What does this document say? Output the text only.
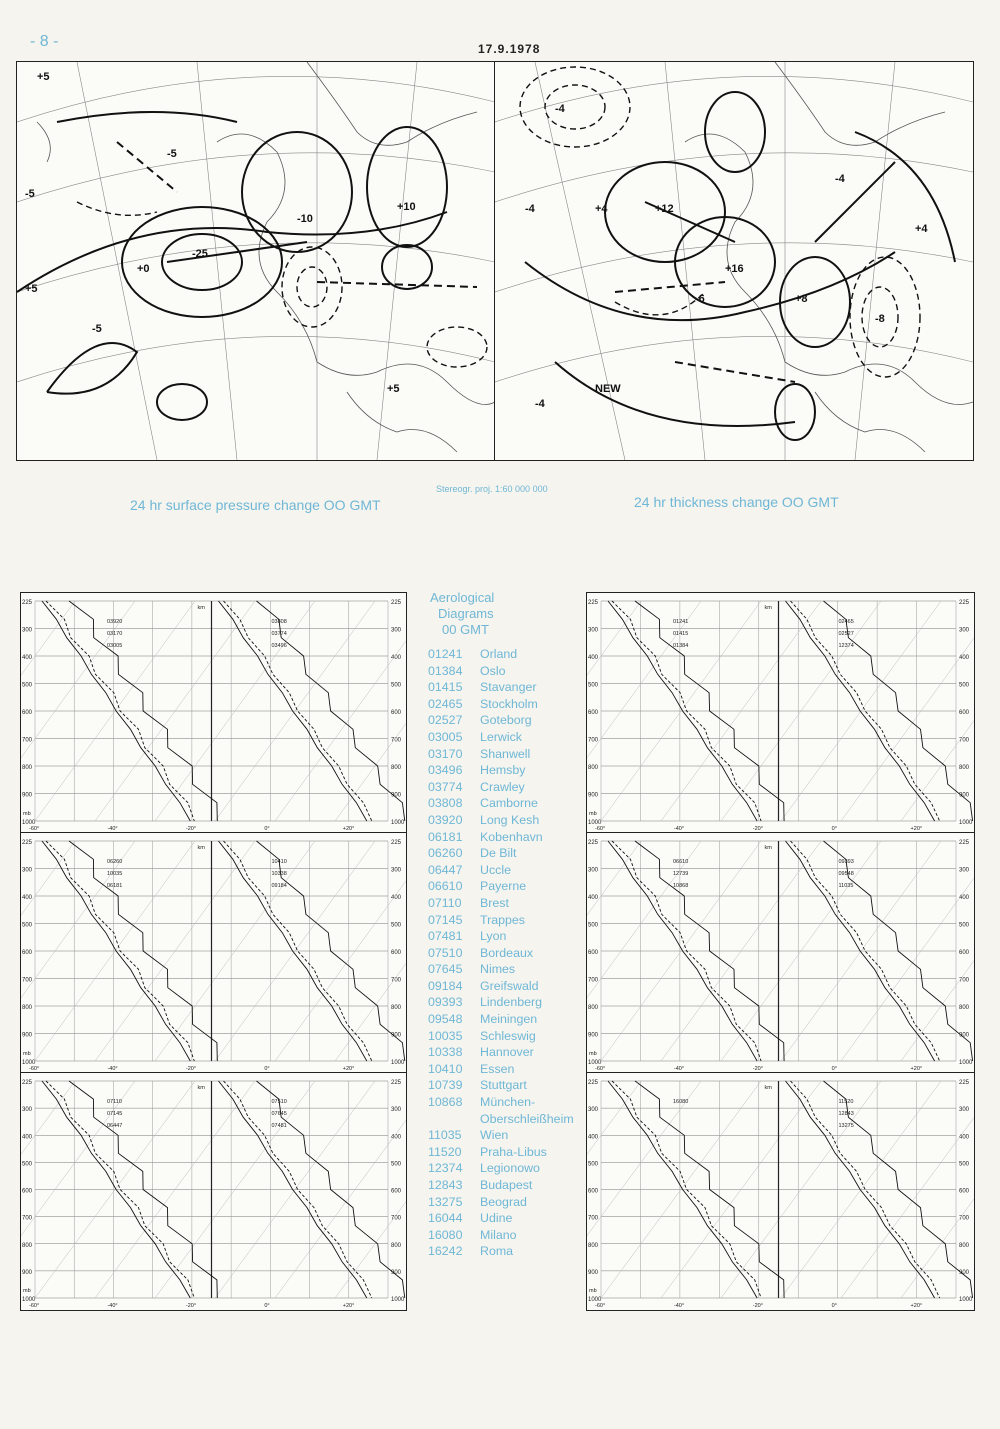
- 8 -	17.9.1978
+5
-5
-5
+5
+10
-10
-25
+5
+0
-5
-4
-4	+12
+16
+4
-6
-8
+8
NEW
-4
-4
+4
Stereogr. proj. 1:60 000 000
24 hr surface pressure change OO GMT	24 hr thickness change OO GMT
225	225
300	300
400	400
500	500
600	600
700	700
800	800
900	900
1000	1000
-60°	-40°	-20°	0°	+20°
mb
km
03920
03170
03005
03808
03774
03496
225	225
300	300
400	400
500	500
600	600
700	700
800	800
900	900
1000	1000
-60°	-40°	-20°	0°	+20°
mb
km
06260
10035
06181
10410
10338
09184
225	225
300	300
400	400
500	500
600	600
700	700
800	800
900	900
1000	1000
-60°	-40°	-20°	0°	+20°
mb
km
07110
07145
06447
07510
07645
07481
225	225
300	300
400	400
500	500
600	600
700	700
800	800
900	900
1000	1000
-60°	-40°	-20°	0°	+20°
mb
km
01241
01415
01384
02465
02527
12374
225	225
300	300
400	400
500	500
600	600
700	700
800	800
900	900
1000	1000
-60°	-40°	-20°	0°	+20°
mb
km
06610
12739
10868
09393
09548
11035
225	225
300	300
400	400
500	500
600	600
700	700
800	800
900	900
1000	1000
-60°	-40°	-20°	0°	+20°
mb
km
16080	11520
12843
13275
Aerological
Diagrams
00 GMT
01241	Orland
01384	Oslo
01415	Stavanger
02465	Stockholm
02527	Goteborg
03005	Lerwick
03170	Shanwell
03496	Hemsby
03774	Crawley
03808	Camborne
03920	Long Kesh
06181	Kobenhavn
06260	De Bilt
06447	Uccle
06610	Payerne
07110	Brest
07145	Trappes
07481	Lyon
07510	Bordeaux
07645	Nimes
09184	Greifswald
09393	Lindenberg
09548	Meiningen
10035	Schleswig
10338	Hannover
10410	Essen
10739	Stuttgart
10868	München-
Oberschleißheim
11035	Wien
11520	Praha-Libus
12374	Legionowo
12843	Budapest
13275	Beograd
16044	Udine
16080	Milano
16242	Roma
